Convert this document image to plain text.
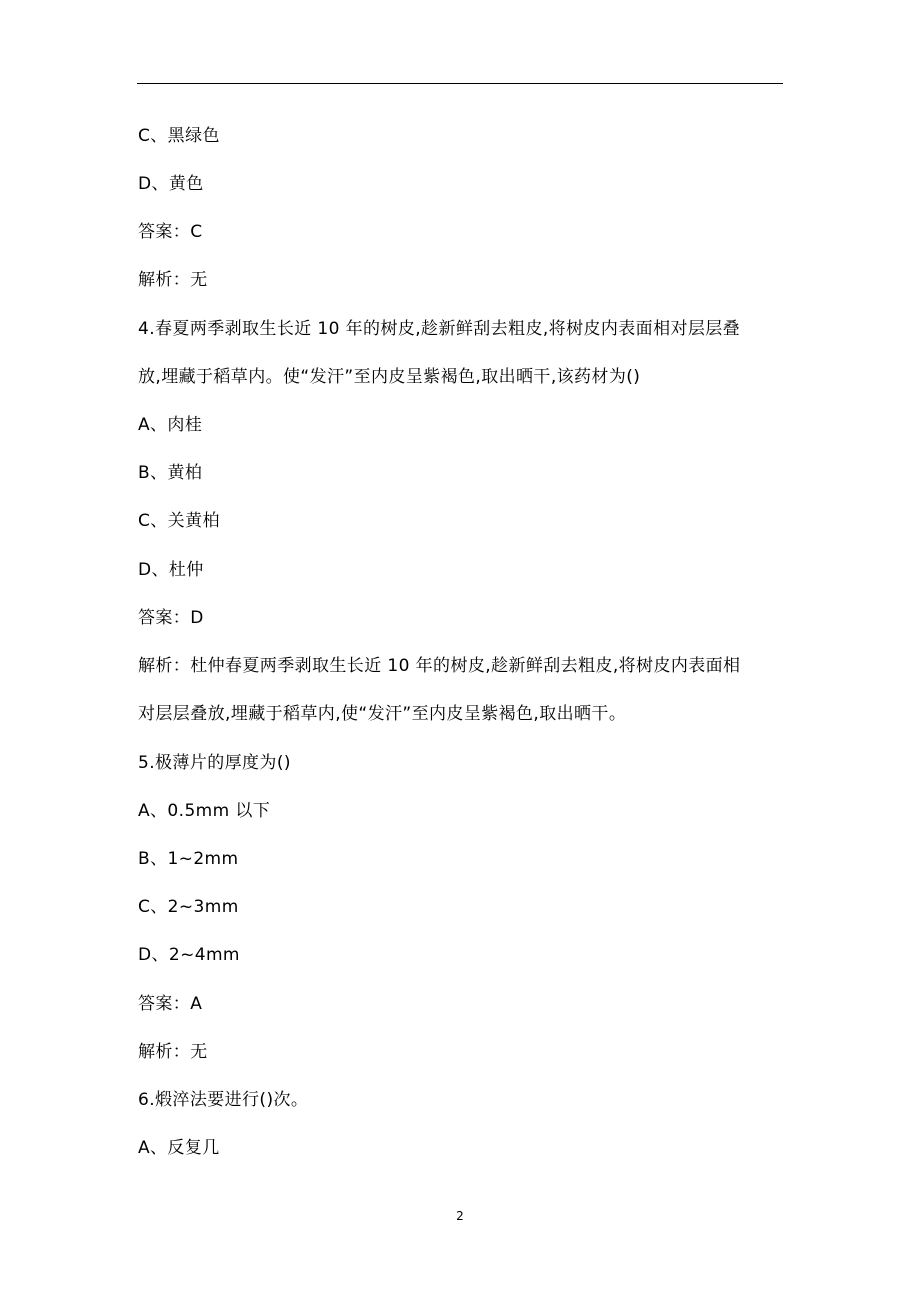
C、黑绿色
D、黄色
答案：C
解析：无
4.春夏两季剥取生长近 10 年的树皮,趁新鲜刮去粗皮,将树皮内表面相对层层叠
放,埋藏于稻草内。使“发汗”至内皮呈紫褐色,取出晒干,该药材为()
A、肉桂
B、黄柏
C、关黄柏
D、杜仲
答案：D
解析：杜仲春夏两季剥取生长近 10 年的树皮,趁新鲜刮去粗皮,将树皮内表面相
对层层叠放,埋藏于稻草内,使“发汗”至内皮呈紫褐色,取出晒干。
5.极薄片的厚度为()
A、0.5mm 以下
B、1~2mm
C、2~3mm
D、2~4mm
答案：A
解析：无
6.煅淬法要进行()次。
A、反复几
2
